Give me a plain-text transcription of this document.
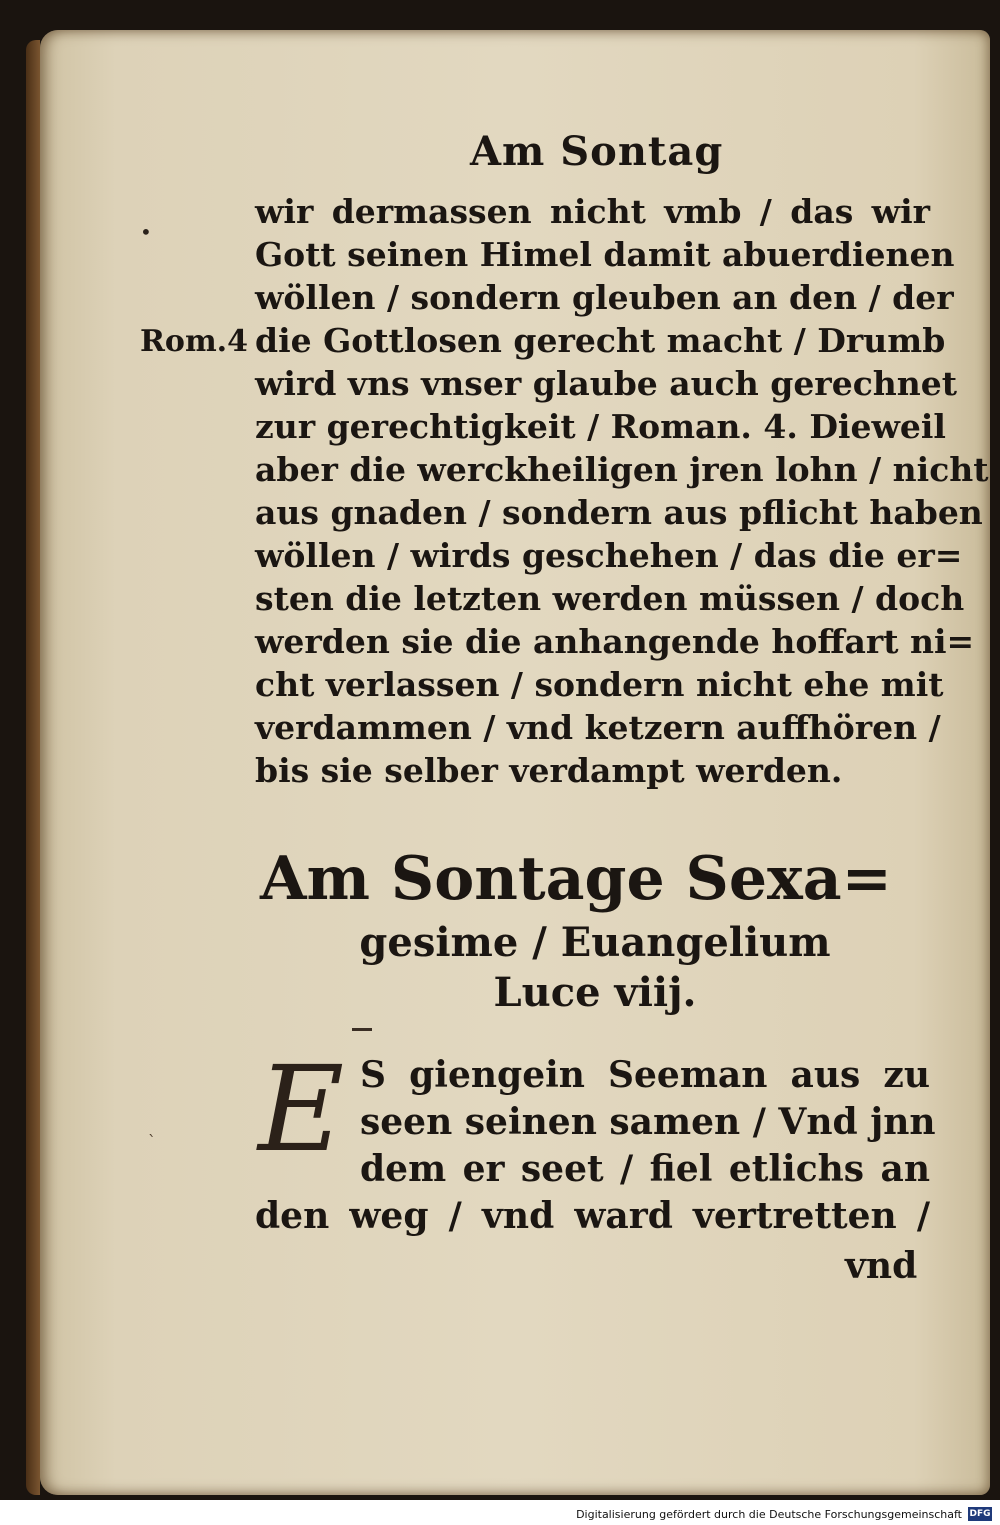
Am Sontag
•
Rom.4
wir dermassen nicht vmb / das wir
Gott seinen Himel damit abuerdienen
wöllen / sondern gleuben an den / der
die Gottlosen gerecht macht / Drumb
wird vns vnser glaube auch gerechnet
zur gerechtigkeit / Roman. 4. Dieweil
aber die werckheiligen jren lohn / nicht
aus gnaden / sondern aus pflicht haben
wöllen / wirds geschehen / das die er=
sten die letzten werden müssen / doch
werden sie die anhangende hoffart ni=
cht verlassen / sondern nicht ehe mit
verdammen / vnd ketzern auffhören /
bis sie selber verdampt werden.
Am Sontage Sexa=
gesime / Euangelium
Luce viij.
` E S giengein Seeman aus zu
seen seinen samen / Vnd jnn
dem er seet / fiel etlichs an
den weg / vnd ward vertretten /
vnd
Digitalisierung gefördert durch die Deutsche Forschungsgemeinschaft DFG
